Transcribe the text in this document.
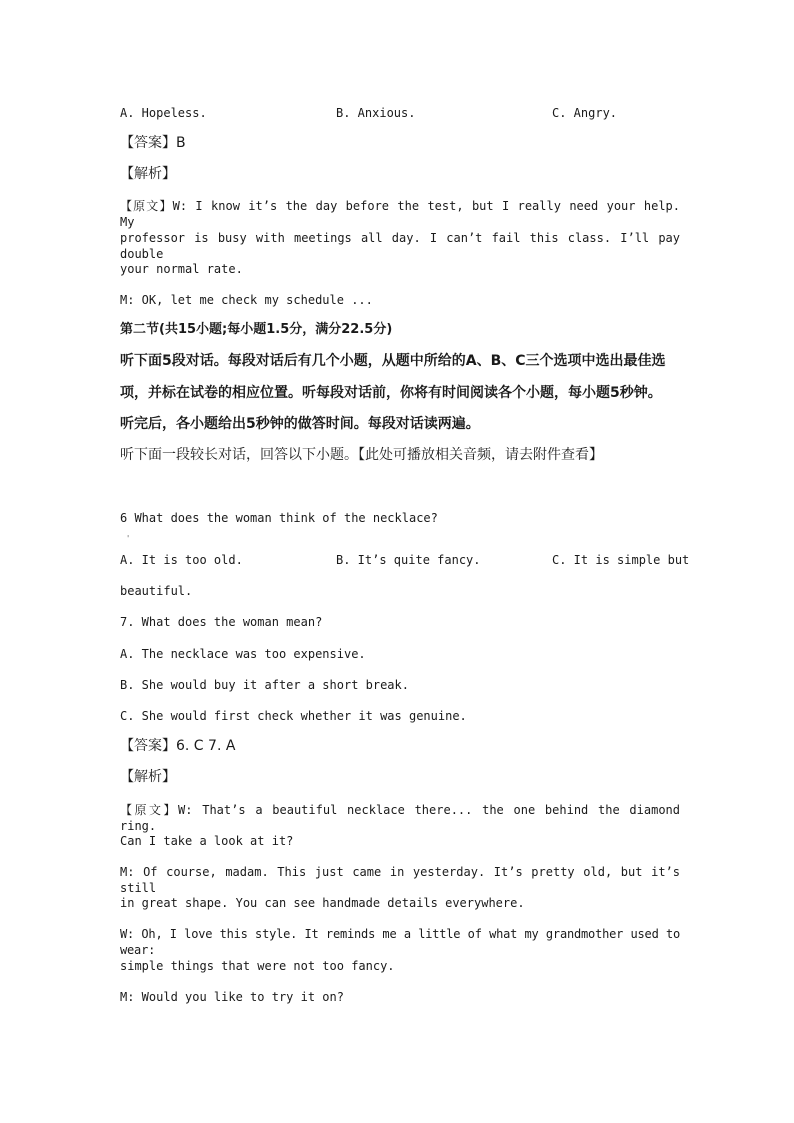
A. Hopeless.	B. Anxious.	C. Angry.
【答案】B
【解析】
【原文】W: I know it’s the day before the test, but I really need your help. My
professor is busy with meetings all day. I can’t fail this class. I’ll pay double
your normal rate.
M: OK, let me check my schedule ...
第二节(共15小题;每小题1.5分，满分22.5分)
听下面5段对话。每段对话后有几个小题，从题中所给的A、B、C三个选项中选出最佳选
项，并标在试卷的相应位置。听每段对话前，你将有时间阅读各个小题，每小题5秒钟。
听完后，各小题给出5秒钟的做答时间。每段对话读两遍。
听下面一段较长对话，回答以下小题。【此处可播放相关音频，请去附件查看】
6 What does the woman think of the necklace?
'
A. It is too old.	B. It’s quite fancy.	C. It is simple but
beautiful.
7. What does the woman mean?
A. The necklace was too expensive.
B. She would buy it after a short break.
C. She would first check whether it was genuine.
【答案】6. C 7. A
【解析】
【原文】W: That’s a beautiful necklace there... the one behind the diamond ring.
Can I take a look at it?
M: Of course, madam. This just came in yesterday. It’s pretty old, but it’s still
in great shape. You can see handmade details everywhere.
W: Oh, I love this style. It reminds me a little of what my grandmother used to wear:
simple things that were not too fancy.
M: Would you like to try it on?
